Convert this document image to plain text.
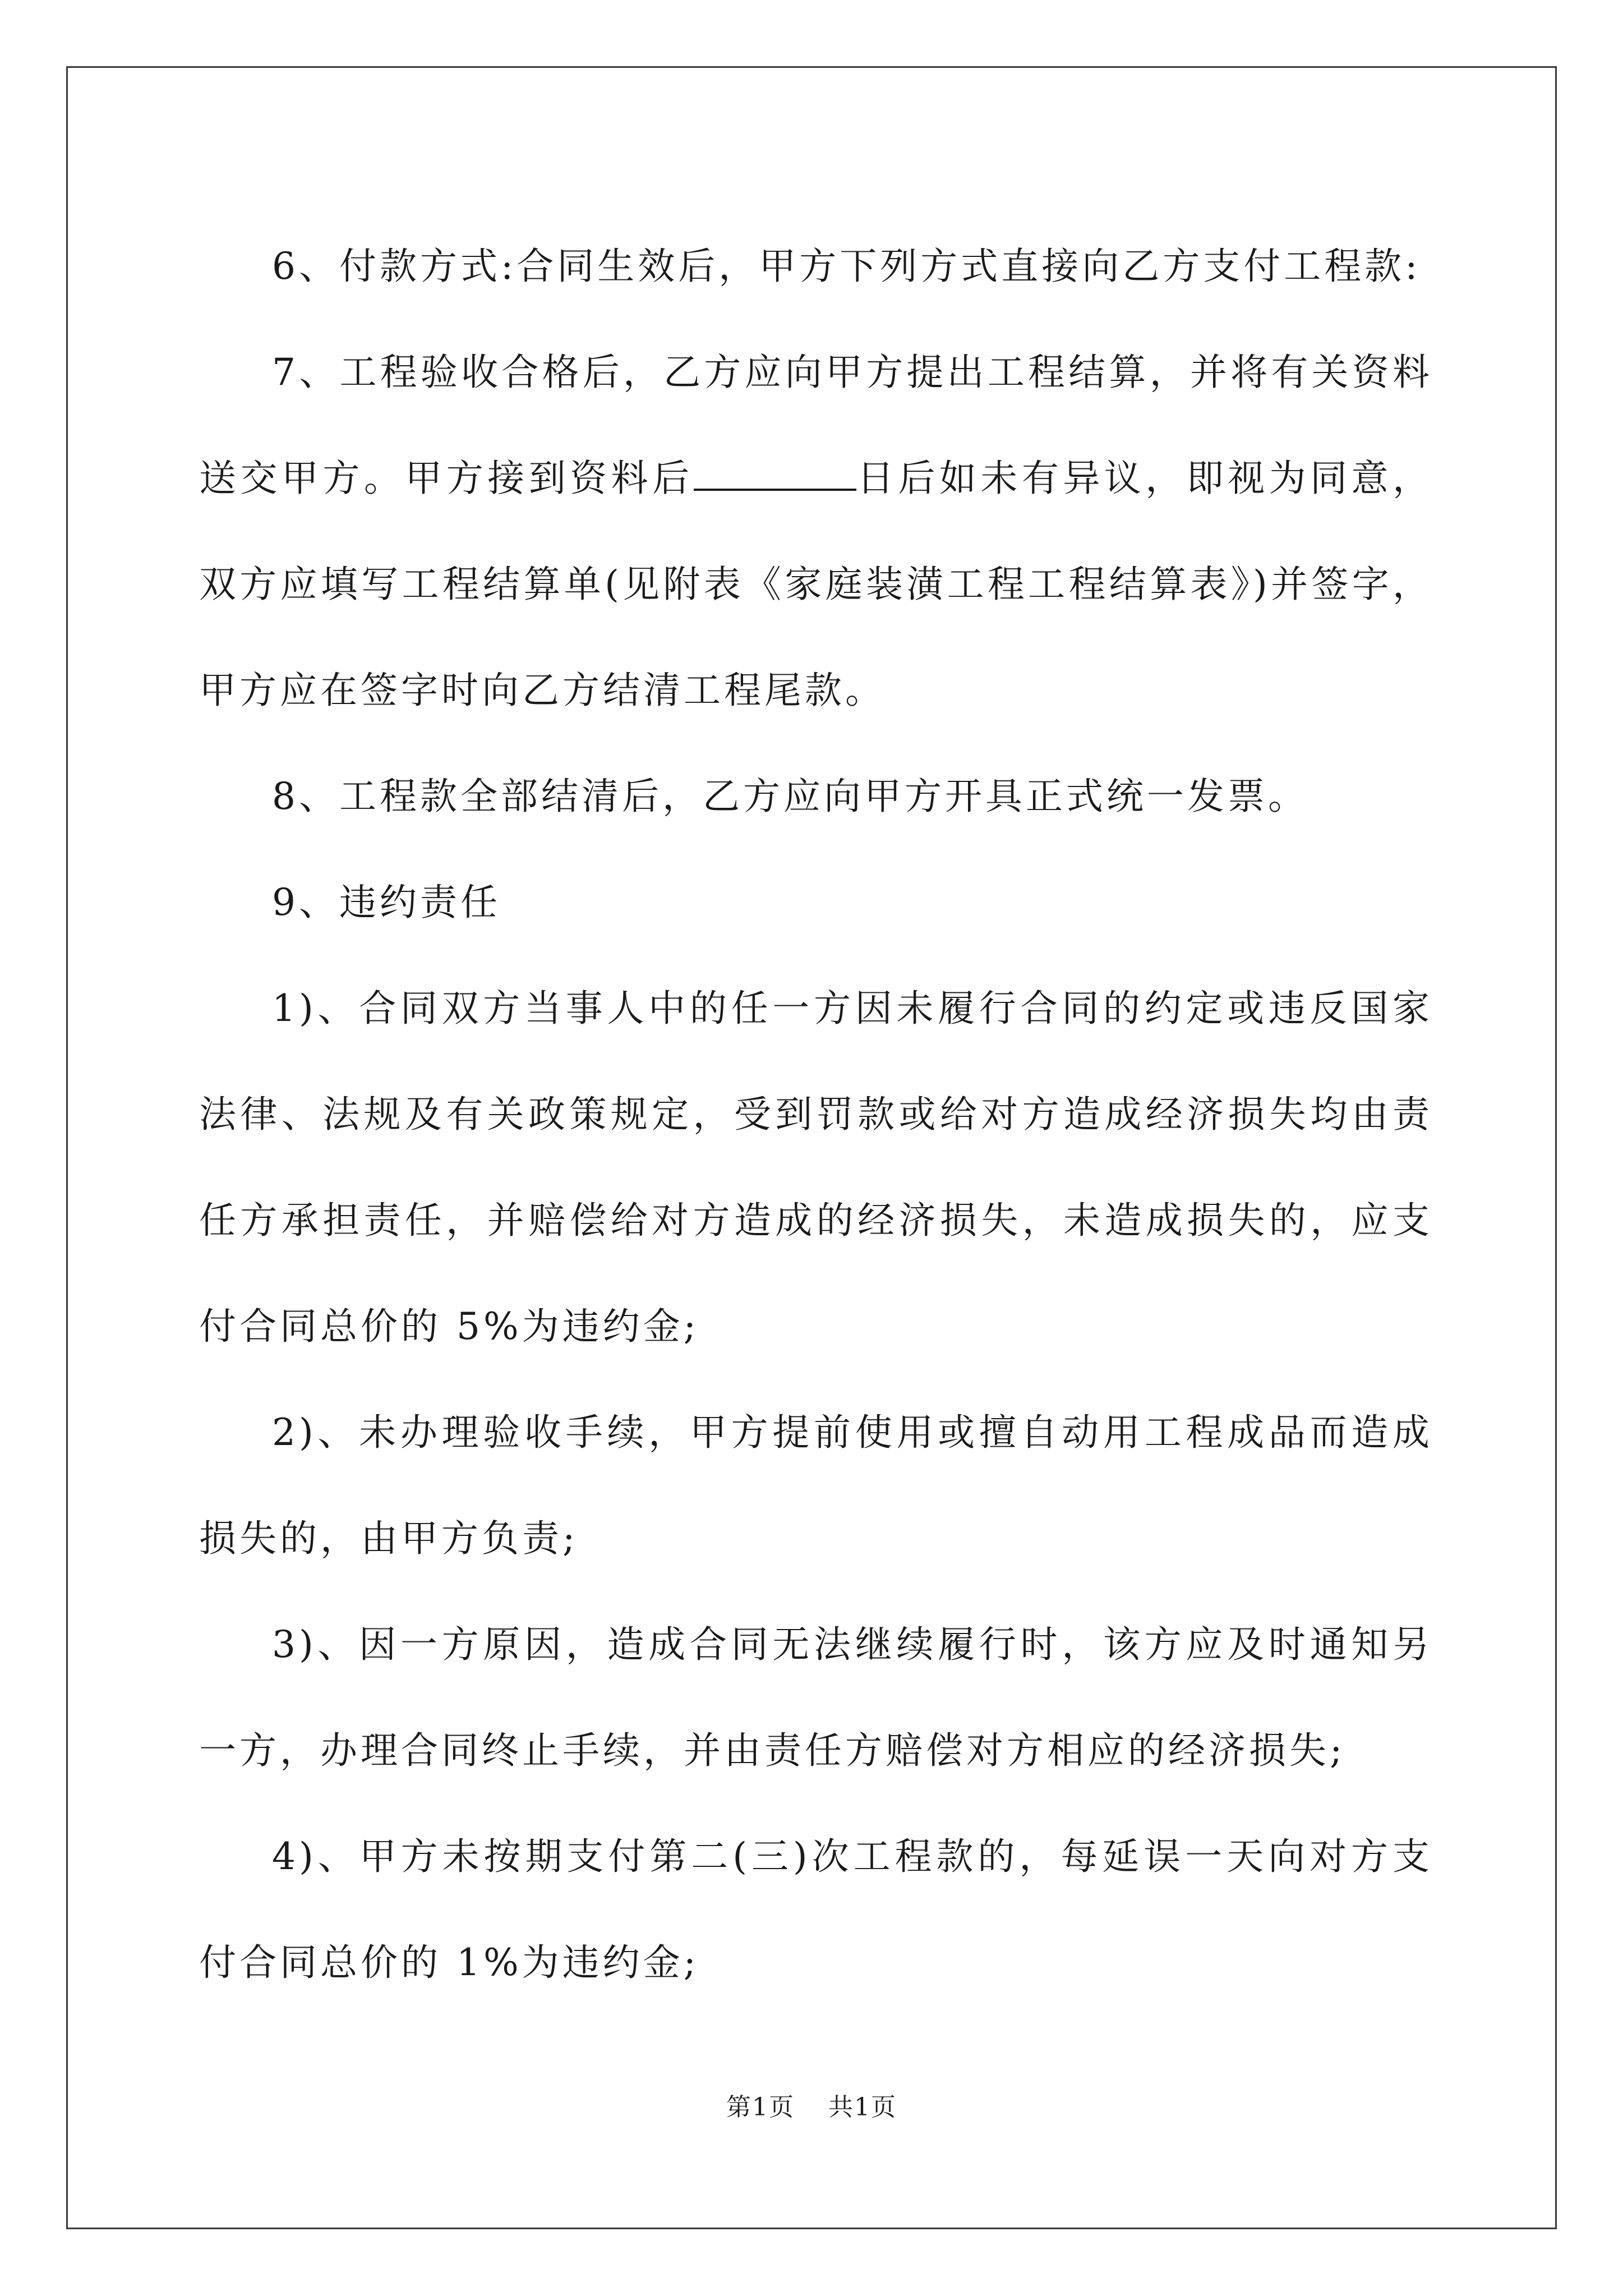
6、付款方式:合同生效后，甲方下列方式直接向乙方支付工程款:

7、工程验收合格后，乙方应向甲方提出工程结算，并将有关资料送交甲方。甲方接到资料后	日后如未有异议，即视为同意，双方应填写工程结算单(见附表《家庭装潢工程工程结算表》)并签字，甲方应在签字时向乙方结清工程尾款。

8、工程款全部结清后，乙方应向甲方开具正式统一发票。

9、违约责任

1)、合同双方当事人中的任一方因未履行合同的约定或违反国家法律、法规及有关政策规定，受到罚款或给对方造成经济损失均由责任方承担责任，并赔偿给对方造成的经济损失，未造成损失的，应支付合同总价的 5%为违约金;

2)、未办理验收手续，甲方提前使用或擅自动用工程成品而造成损失的，由甲方负责;

3)、因一方原因，造成合同无法继续履行时，该方应及时通知另一方，办理合同终止手续，并由责任方赔偿对方相应的经济损失;

4)、甲方未按期支付第二(三)次工程款的，每延误一天向对方支付合同总价的 1%为违约金;

第1页 共1页
